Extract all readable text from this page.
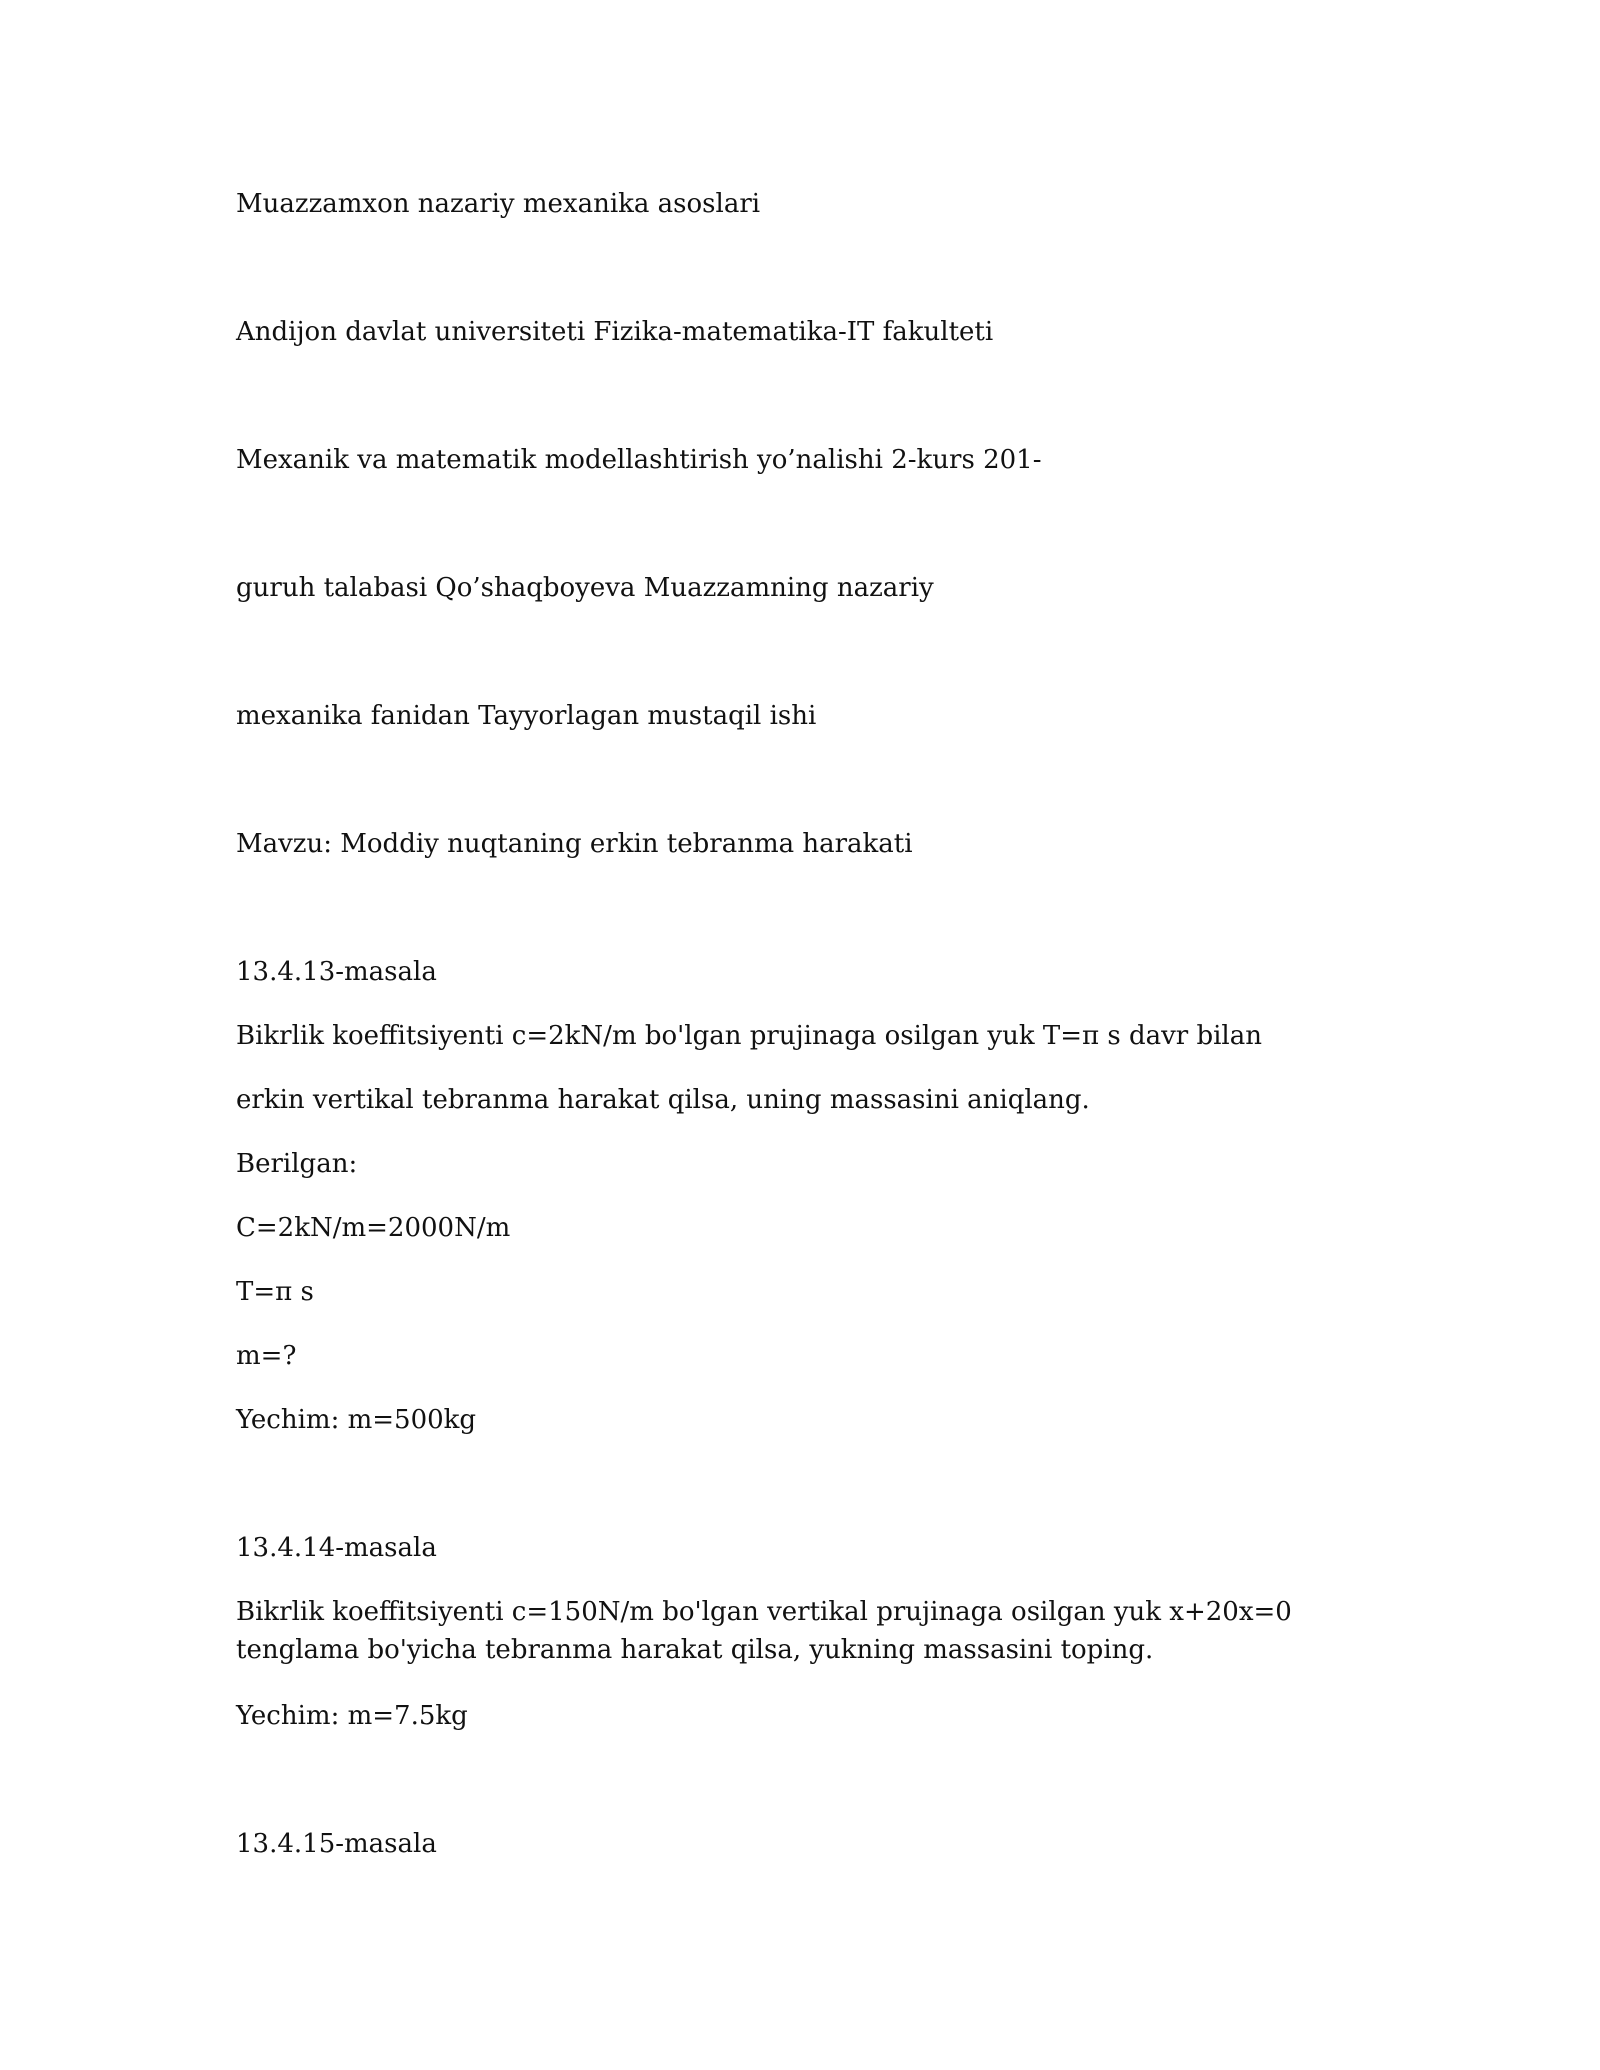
Muazzamxon nazariy mexanika asoslari

Andijon davlat universiteti Fizika-matematika-IT fakulteti

Mexanik va matematik modellashtirish yo’nalishi 2-kurs 201-

guruh talabasi Qo’shaqboyeva Muazzamning nazariy

mexanika fanidan Tayyorlagan mustaqil ishi

Mavzu: Moddiy nuqtaning erkin tebranma harakati

13.4.13-masala

Bikrlik koeffitsiyenti c=2kN/m bo'lgan prujinaga osilgan yuk T=π s davr bilan

erkin vertikal tebranma harakat qilsa, uning massasini aniqlang.

Berilgan:

C=2kN/m=2000N/m

T=π s

m=?

Yechim: m=500kg

13.4.14-masala

Bikrlik koeffitsiyenti c=150N/m bo'lgan vertikal prujinaga osilgan yuk x+20x=0 tenglama bo'yicha tebranma harakat qilsa, yukning massasini toping.

Yechim: m=7.5kg

13.4.15-masala
